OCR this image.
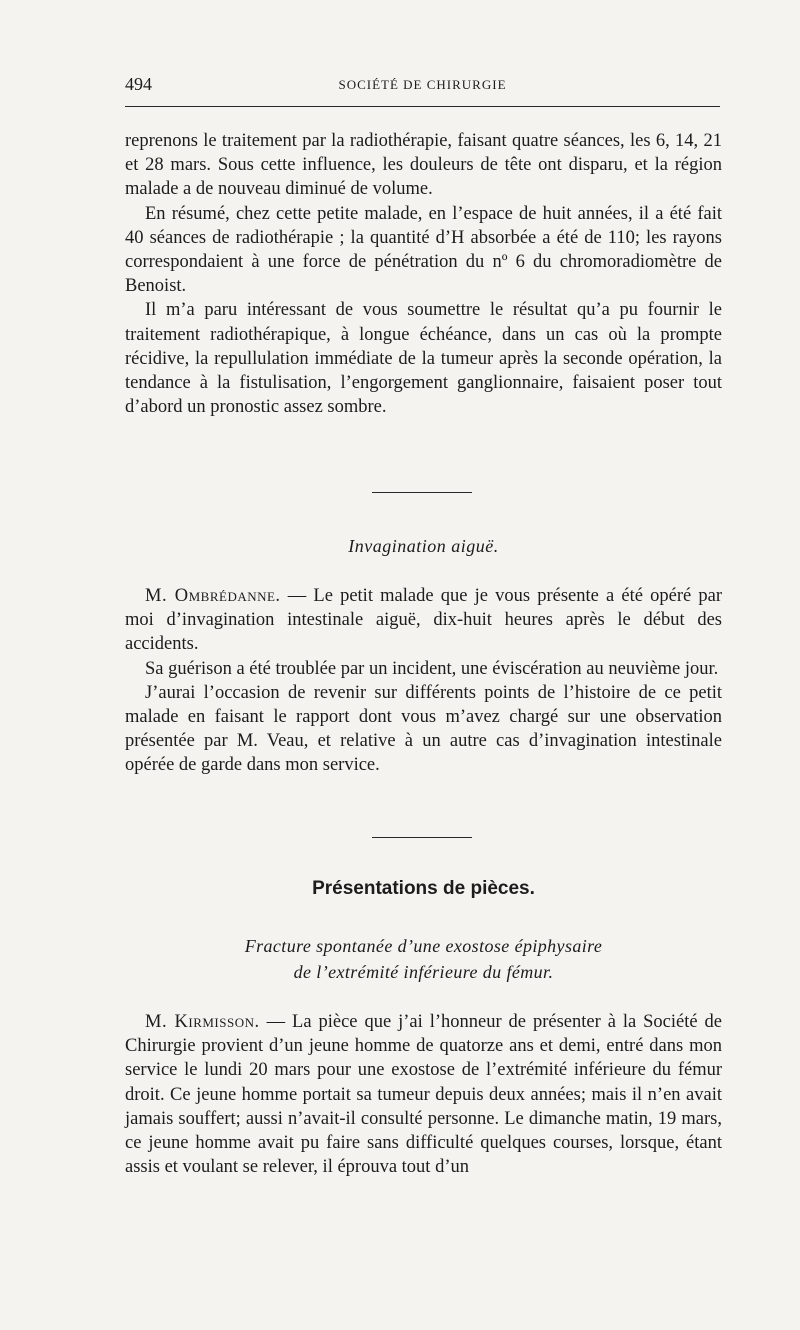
494	SOCIÉTÉ DE CHIRURGIE

reprenons le traitement par la radiothérapie, faisant quatre séances, les 6, 14, 21 et 28 mars. Sous cette influence, les douleurs de tête ont disparu, et la région malade a de nouveau diminué de volume.

En résumé, chez cette petite malade, en l’espace de huit années, il a été fait 40 séances de radiothérapie ; la quantité d’H absorbée a été de 110; les rayons correspondaient à une force de pénétration du nº 6 du chromoradiomètre de Benoist.

Il m’a paru intéressant de vous soumettre le résultat qu’a pu fournir le traitement radiothérapique, à longue échéance, dans un cas où la prompte récidive, la repullulation immédiate de la tumeur après la seconde opération, la tendance à la fistulisation, l’engorgement ganglionnaire, faisaient poser tout d’abord un pronostic assez sombre.

Invagination aiguë.

M. Ombrédanne. — Le petit malade que je vous présente a été opéré par moi d’invagination intestinale aiguë, dix-huit heures après le début des accidents.

Sa guérison a été troublée par un incident, une éviscération au neuvième jour.

J’aurai l’occasion de revenir sur différents points de l’histoire de ce petit malade en faisant le rapport dont vous m’avez chargé sur une observation présentée par M. Veau, et relative à un autre cas d’invagination intestinale opérée de garde dans mon service.

Présentations de pièces.
Fracture spontanée d’une exostose épiphysaire
de l’extrémité inférieure du fémur.

M. Kirmisson. — La pièce que j’ai l’honneur de présenter à la Société de Chirurgie provient d’un jeune homme de quatorze ans et demi, entré dans mon service le lundi 20 mars pour une exostose de l’extrémité inférieure du fémur droit. Ce jeune homme portait sa tumeur depuis deux années; mais il n’en avait jamais souffert; aussi n’avait-il consulté personne. Le dimanche matin, 19 mars, ce jeune homme avait pu faire sans difficulté quelques courses, lorsque, étant assis et voulant se relever, il éprouva tout d’un
